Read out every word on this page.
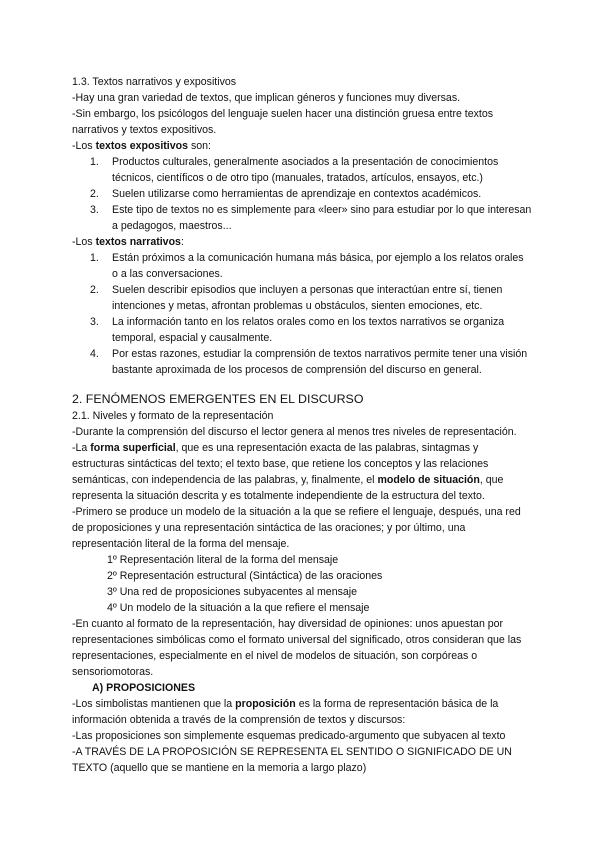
1.3. Textos narrativos y expositivos
-Hay una gran variedad de textos, que implican géneros y funciones muy diversas.
-Sin embargo, los psicólogos del lenguaje suelen hacer una distinción gruesa entre textos narrativos y textos expositivos.
-Los textos expositivos son:
1. Productos culturales, generalmente asociados a la presentación de conocimientos técnicos, científicos o de otro tipo (manuales, tratados, artículos, ensayos, etc.)
2. Suelen utilizarse como herramientas de aprendizaje en contextos académicos.
3. Este tipo de textos no es simplemente para «leer» sino para estudiar por lo que interesan a pedagogos, maestros...
-Los textos narrativos:
1. Están próximos a la comunicación humana más básica, por ejemplo a los relatos orales o a las conversaciones.
2. Suelen describir episodios que incluyen a personas que interactúan entre sí, tienen intenciones y metas, afrontan problemas u obstáculos, sienten emociones, etc.
3. La información tanto en los relatos orales como en los textos narrativos se organiza temporal, espacial y causalmente.
4. Por estas razones, estudiar la comprensión de textos narrativos permite tener una visión bastante aproximada de los procesos de comprensión del discurso en general.
2. FENÓMENOS EMERGENTES EN EL DISCURSO
2.1. Niveles y formato de la representación
-Durante la comprensión del discurso el lector genera al menos tres niveles de representación.
-La forma superficial, que es una representación exacta de las palabras, sintagmas y estructuras sintácticas del texto; el texto base, que retiene los conceptos y las relaciones semánticas, con independencia de las palabras, y, finalmente, el modelo de situación, que representa la situación descrita y es totalmente independiente de la estructura del texto.
-Primero se produce un modelo de la situación a la que se refiere el lenguaje, después, una red de proposiciones y una representación sintáctica de las oraciones; y por último, una representación literal de la forma del mensaje.
1º Representación literal de la forma del mensaje
2º Representación estructural (Sintáctica) de las oraciones
3º Una red de proposiciones subyacentes al mensaje
4º Un modelo de la situación a la que refiere el mensaje
-En cuanto al formato de la representación, hay diversidad de opiniones: unos apuestan por representaciones simbólicas como el formato universal del significado, otros consideran que las representaciones, especialmente en el nivel de modelos de situación, son corpóreas o sensoriomotoras.
A) PROPOSICIONES
-Los simbolistas mantienen que la proposición es la forma de representación básica de la información obtenida a través de la comprensión de textos y discursos:
-Las proposiciones son simplemente esquemas predicado-argumento que subyacen al texto
-A TRAVÉS DE LA PROPOSICIÓN SE REPRESENTA EL SENTIDO O SIGNIFICADO DE UN TEXTO (aquello que se mantiene en la memoria a largo plazo)
